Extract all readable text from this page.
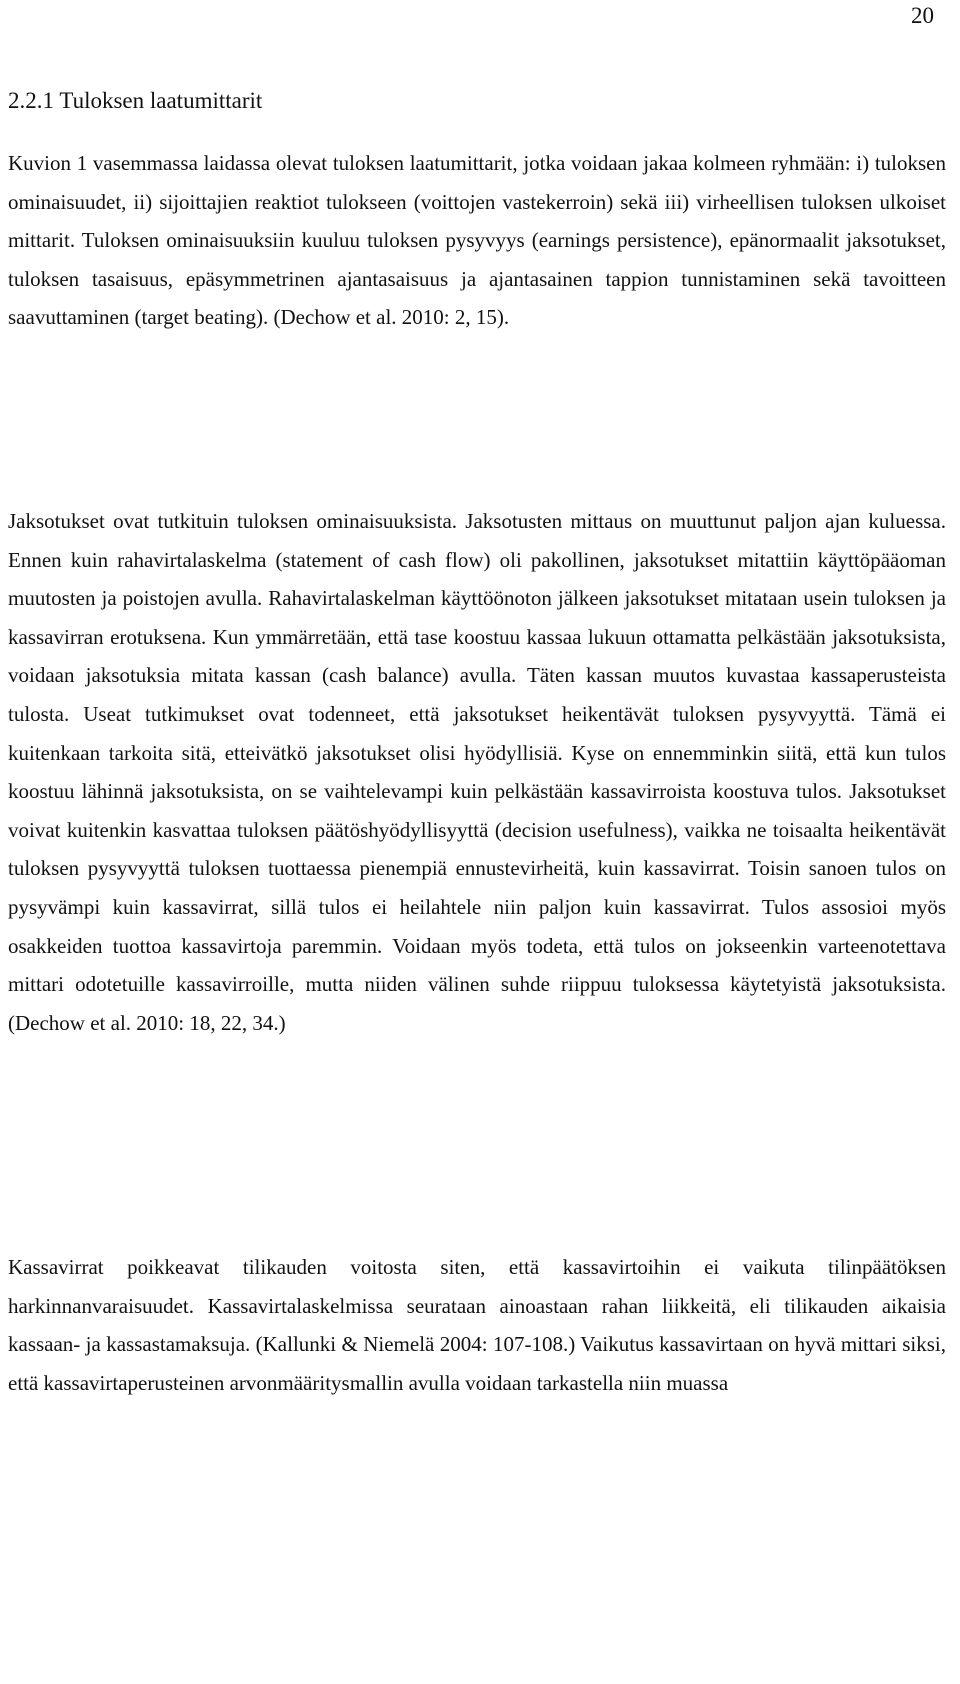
20
2.2.1 Tuloksen laatumittarit

Kuvion 1 vasemmassa laidassa olevat tuloksen laatumittarit, jotka voidaan jakaa kolmeen ryhmään: i) tuloksen ominaisuudet, ii) sijoittajien reaktiot tulokseen (voittojen vastekerroin) sekä iii) virheellisen tuloksen ulkoiset mittarit. Tuloksen ominaisuuksiin kuuluu tuloksen pysyvyys (earnings persistence), epänormaalit jaksotukset, tuloksen tasaisuus, epäsymmetrinen ajantasaisuus ja ajantasainen tappion tunnistaminen sekä tavoitteen saavuttaminen (target beating). (Dechow et al. 2010: 2, 15).

Jaksotukset ovat tutkituin tuloksen ominaisuuksista. Jaksotusten mittaus on muuttunut paljon ajan kuluessa. Ennen kuin rahavirtalaskelma (statement of cash flow) oli pakollinen, jaksotukset mitattiin käyttöpääoman muutosten ja poistojen avulla. Rahavirtalaskelman käyttöönoton jälkeen jaksotukset mitataan usein tuloksen ja kassavirran erotuksena. Kun ymmärretään, että tase koostuu kassaa lukuun ottamatta pelkästään jaksotuksista, voidaan jaksotuksia mitata kassan (cash balance) avulla. Täten kassan muutos kuvastaa kassaperusteista tulosta. Useat tutkimukset ovat todenneet, että jaksotukset heikentävät tuloksen pysyvyyttä. Tämä ei kuitenkaan tarkoita sitä, etteivätkö jaksotukset olisi hyödyllisiä. Kyse on ennemminkin siitä, että kun tulos koostuu lähinnä jaksotuksista, on se vaihtelevampi kuin pelkästään kassavirroista koostuva tulos. Jaksotukset voivat kuitenkin kasvattaa tuloksen päätöshyödyllisyyttä (decision usefulness), vaikka ne toisaalta heikentävät tuloksen pysyvyyttä tuloksen tuottaessa pienempiä ennustevirheitä, kuin kassavirrat. Toisin sanoen tulos on pysyvämpi kuin kassavirrat, sillä tulos ei heilahtele niin paljon kuin kassavirrat. Tulos assosioi myös osakkeiden tuottoa kassavirtoja paremmin. Voidaan myös todeta, että tulos on jokseenkin varteenotettava mittari odotetuille kassavirroille, mutta niiden välinen suhde riippuu tuloksessa käytetyistä jaksotuksista. (Dechow et al. 2010: 18, 22, 34.)

Kassavirrat poikkeavat tilikauden voitosta siten, että kassavirtoihin ei vaikuta tilinpäätöksen harkinnanvaraisuudet. Kassavirtalaskelmissa seurataan ainoastaan rahan liikkeitä, eli tilikauden aikaisia kassaan- ja kassastamaksuja. (Kallunki & Niemelä 2004: 107-108.) Vaikutus kassavirtaan on hyvä mittari siksi, että kassavirtaperusteinen arvonmääritysmallin avulla voidaan tarkastella niin muassa
